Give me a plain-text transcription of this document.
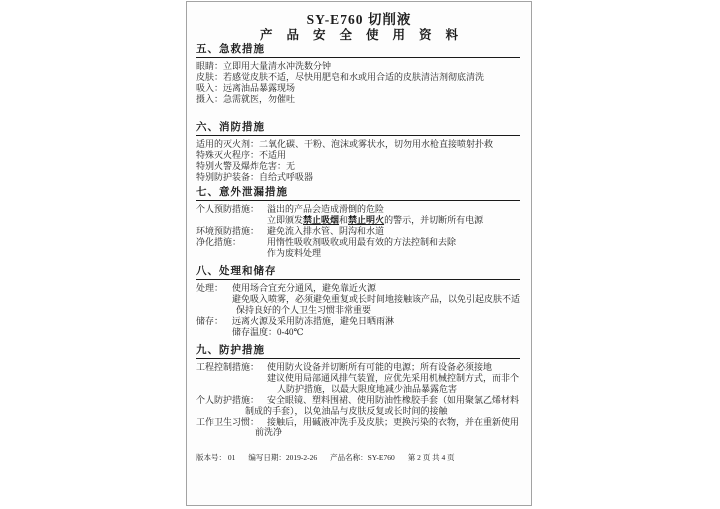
SY-E760 切削液
产品安全使用资料
五、急救措施
眼睛：立即用大量清水冲洗数分钟
皮肤：若感觉皮肤不适，尽快用肥皂和水或用合适的皮肤清洁剂彻底清洗
吸入：远离油品暴露现场
摄入：急需就医，勿催吐
六、消防措施
适用的灭火剂：二氧化碳、干粉、泡沫或雾状水，切勿用水枪直接喷射扑救
特殊灭火程序：不适用
特别火警及爆炸危害：无
特别防护装备：自给式呼吸器
七、意外泄漏措施
个人预防措施： 溢出的产品会造成滑倒的危险
立即颁发禁止吸烟和禁止明火的警示，并切断所有电源
环境预防措施： 避免流入排水管、阴沟和水道
净化措施：	用惰性吸收剂吸收或用最有效的方法控制和去除
作为废料处理
八、处理和储存
处理： 使用场合宜充分通风，避免靠近火源
避免吸入喷雾，必须避免重复或长时间地接触该产品，以免引起皮肤不适
保持良好的个人卫生习惯非常重要
储存： 远离火源及采用防冻措施，避免日晒雨淋
储存温度：0-40℃
九、防护措施
工程控制措施： 使用防火设备并切断所有可能的电源；所有设备必须接地
建议使用局部通风排气装置，应优先采用机械控制方式，而非个
人防护措施，以最大限度地减少油品暴露危害
个人防护措施： 安全眼镜、塑料围裙、使用防油性橡胶手套（如用聚氯乙烯材料
制成的手套），以免油品与皮肤反复或长时间的接触
工作卫生习惯： 接触后，用碱液冲洗手及皮肤；更换污染的衣物，并在重新使用
前洗净
版本号： 01 编写日期：2019-2-26 产品名称：SY-E760 第 2 页 共 4 页
